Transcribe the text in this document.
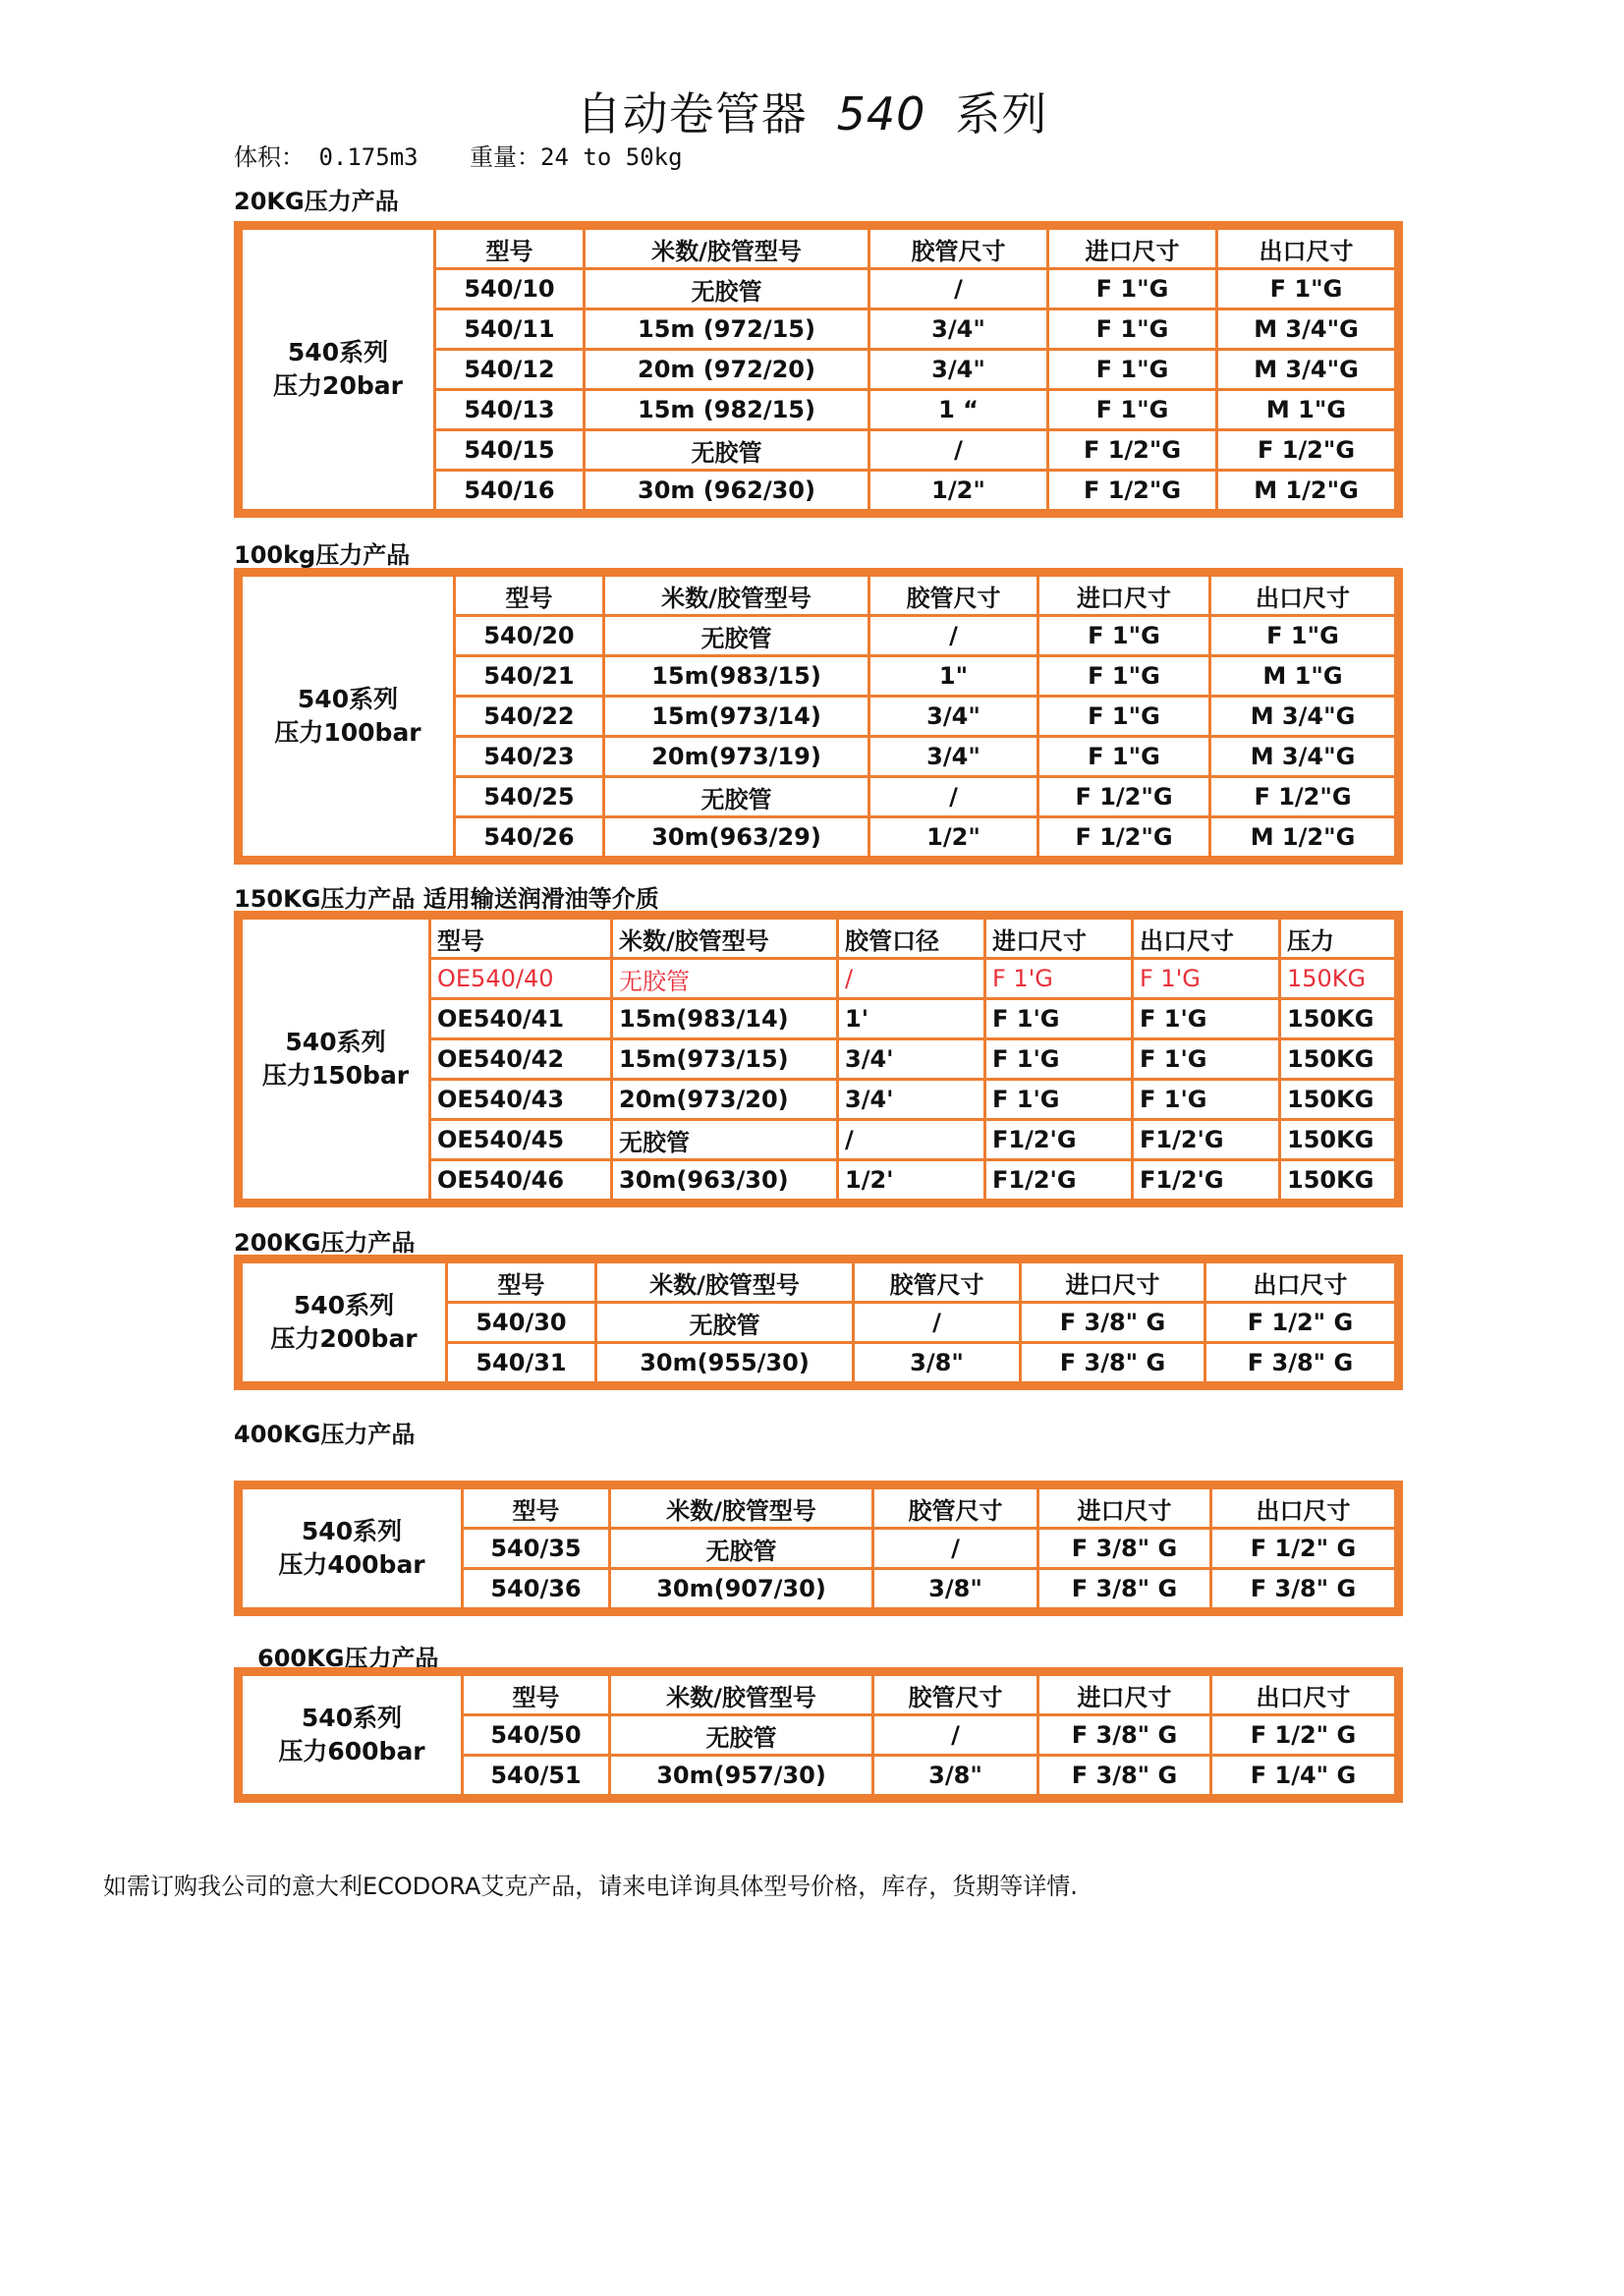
自动卷管器 540 系列
体积： 0.175m3 重量：24 to 50kg
20KG压力产品
540系列
压力20bar	型号	米数/胶管型号	胶管尺寸	进口尺寸	出口尺寸
	540/10	无胶管	/	F 1"G	F 1"G
	540/11	15m (972/15)	3/4"	F 1"G	M 3/4"G
	540/12	20m (972/20)	3/4"	F 1"G	M 3/4"G
	540/13	15m (982/15)	1 “	F 1"G	M 1"G
	540/15	无胶管	/	F 1/2"G	F 1/2"G
	540/16	30m (962/30)	1/2"	F 1/2"G	M 1/2"G
100kg压力产品
540系列
压力100bar	型号	米数/胶管型号	胶管尺寸	进口尺寸	出口尺寸
	540/20	无胶管	/	F 1"G	F 1"G
	540/21	15m(983/15)	1"	F 1"G	M 1"G
	540/22	15m(973/14)	3/4"	F 1"G	M 3/4"G
	540/23	20m(973/19)	3/4"	F 1"G	M 3/4"G
	540/25	无胶管	/	F 1/2"G	F 1/2"G
	540/26	30m(963/29)	1/2"	F 1/2"G	M 1/2"G
150KG压力产品 适用输送润滑油等介质
540系列
压力150bar	型号	米数/胶管型号	胶管口径	进口尺寸	出口尺寸	压力
	OE540/40	无胶管	/	F 1'G	F 1'G	150KG
	OE540/41	15m(983/14)	1'	F 1'G	F 1'G	150KG
	OE540/42	15m(973/15)	3/4'	F 1'G	F 1'G	150KG
	OE540/43	20m(973/20)	3/4'	F 1'G	F 1'G	150KG
	OE540/45	无胶管	/	F1/2'G	F1/2'G	150KG
	OE540/46	30m(963/30)	1/2'	F1/2'G	F1/2'G	150KG
200KG压力产品
540系列
压力200bar	型号	米数/胶管型号	胶管尺寸	进口尺寸	出口尺寸
	540/30	无胶管	/	F 3/8" G	F 1/2" G
	540/31	30m(955/30)	3/8"	F 3/8" G	F 3/8" G
400KG压力产品
540系列
压力400bar	型号	米数/胶管型号	胶管尺寸	进口尺寸	出口尺寸
	540/35	无胶管	/	F 3/8" G	F 1/2" G
	540/36	30m(907/30)	3/8"	F 3/8" G	F 3/8" G
600KG压力产品
540系列
压力600bar	型号	米数/胶管型号	胶管尺寸	进口尺寸	出口尺寸
	540/50	无胶管	/	F 3/8" G	F 1/2" G
	540/51	30m(957/30)	3/8"	F 3/8" G	F 1/4" G
如需订购我公司的意大利ECODORA艾克产品，请来电详询具体型号价格，库存，货期等详情.
